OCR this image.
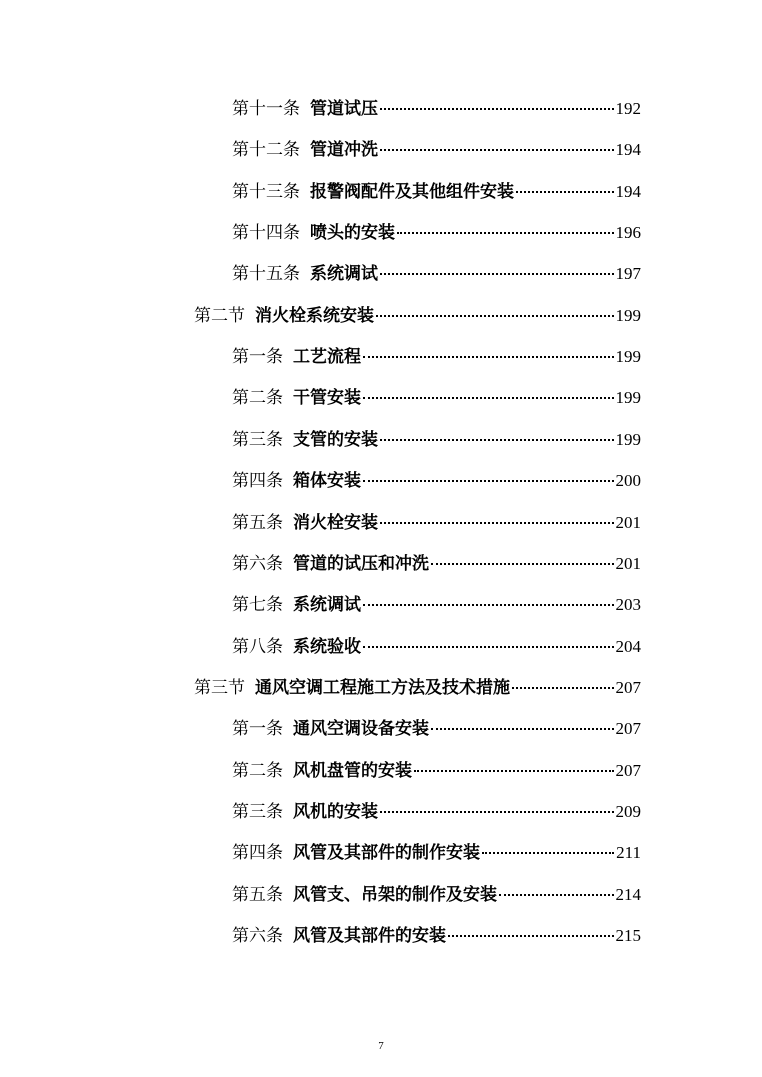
第十一条 管道试压	192
第十二条 管道冲洗	194
第十三条 报警阀配件及其他组件安装	194
第十四条 喷头的安装	196
第十五条 系统调试	197
第二节 消火栓系统安装	199
第一条 工艺流程	199
第二条 干管安装	199
第三条 支管的安装	199
第四条 箱体安装	200
第五条 消火栓安装	201
第六条 管道的试压和冲洗	201
第七条 系统调试	203
第八条 系统验收	204
第三节 通风空调工程施工方法及技术措施	207
第一条 通风空调设备安装	207
第二条 风机盘管的安装	207
第三条 风机的安装	209
第四条 风管及其部件的制作安装	211
第五条 风管支、吊架的制作及安装	214
第六条 风管及其部件的安装	215
7
